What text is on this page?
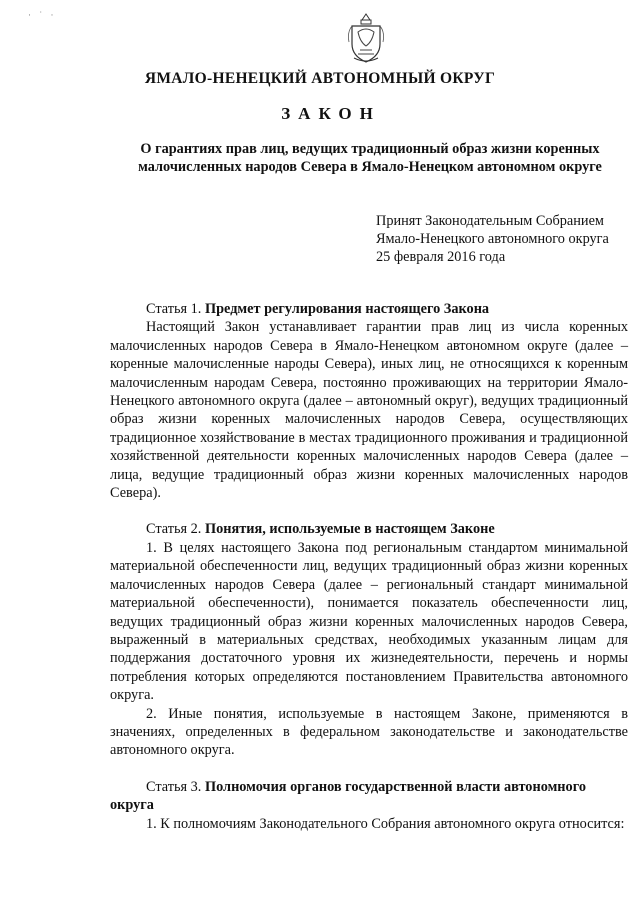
· ˙ ·
ЯМАЛО-НЕНЕЦКИЙ АВТОНОМНЫЙ ОКРУГ
ЗАКОН
О гарантиях прав лиц, ведущих традиционный образ жизни коренных малочисленных народов Севера в Ямало-Ненецком автономном округе
Принят Законодательным Собранием
Ямало-Ненецкого автономного округа
25 февраля 2016 года

Статья 1. Предмет регулирования настоящего Закона

Настоящий Закон устанавливает гарантии прав лиц из числа коренных малочисленных народов Севера в Ямало-Ненецком автономном округе (далее – коренные малочисленные народы Севера), иных лиц, не относящихся к коренным малочисленным народам Севера, постоянно проживающих на территории Ямало-Ненецкого автономного округа (далее – автономный округ), ведущих традиционный образ жизни коренных малочисленных народов Севера, осуществляющих традиционное хозяйствование в местах традиционного проживания и традиционной хозяйственной деятельности коренных малочисленных народов Севера (далее – лица, ведущие традиционный образ жизни коренных малочисленных народов Севера).

Статья 2. Понятия, используемые в настоящем Законе

1. В целях настоящего Закона под региональным стандартом минимальной материальной обеспеченности лиц, ведущих традиционный образ жизни коренных малочисленных народов Севера (далее – региональный стандарт минимальной материальной обеспеченности), понимается показатель обеспеченности лиц, ведущих традиционный образ жизни коренных малочисленных народов Севера, выраженный в материальных средствах, необходимых указанным лицам для поддержания достаточного уровня их жизнедеятельности, перечень и нормы потребления которых определяются постановлением Правительства автономного округа.

2. Иные понятия, используемые в настоящем Законе, применяются в значениях, определенных в федеральном законодательстве и законодательстве автономного округа.

Статья 3. Полномочия органов государственной власти автономного округа

1. К полномочиям Законодательного Собрания автономного округа относится:
